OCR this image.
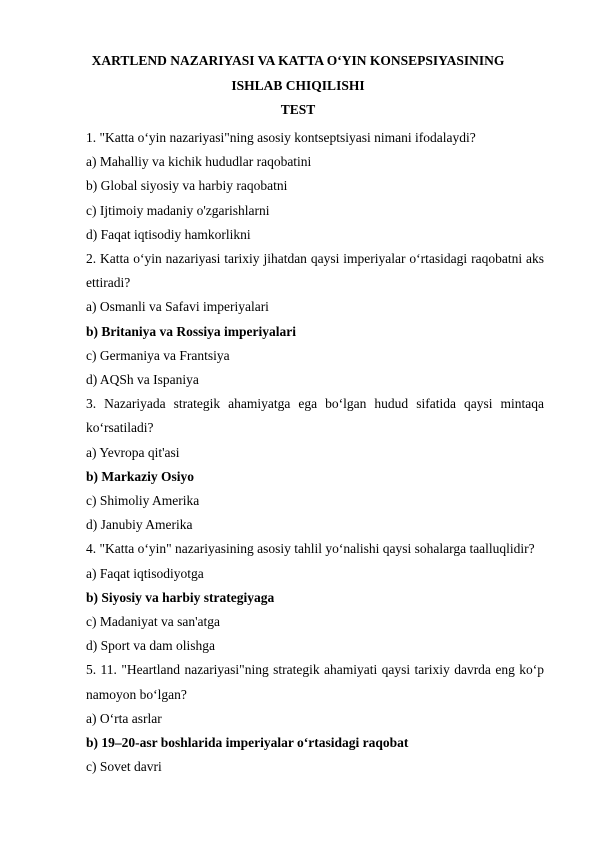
XARTLEND NAZARIYASI VA KATTA O‘YIN KONSEPSIYASINING
ISHLAB CHIQILISHI
TEST
1. "Katta o‘yin nazariyasi"ning asosiy kontseptsiyasi nimani ifodalaydi?
a) Mahalliy va kichik hududlar raqobatini
b) Global siyosiy va harbiy raqobatni
c) Ijtimoiy madaniy o'zgarishlarni
d) Faqat iqtisodiy hamkorlikni
2. Katta o‘yin nazariyasi tarixiy jihatdan qaysi imperiyalar o‘rtasidagi raqobatni aks
ettiradi?
a) Osmanli va Safavi imperiyalari
b) Britaniya va Rossiya imperiyalari
c) Germaniya va Frantsiya
d) AQSh va Ispaniya
3. Nazariyada strategik ahamiyatga ega bo‘lgan hudud sifatida qaysi mintaqa
ko‘rsatiladi?
a) Yevropa qit'asi
b) Markaziy Osiyo
c) Shimoliy Amerika
d) Janubiy Amerika
4. "Katta o‘yin" nazariyasining asosiy tahlil yo‘nalishi qaysi sohalarga taalluqlidir?
a) Faqat iqtisodiyotga
b) Siyosiy va harbiy strategiyaga
c) Madaniyat va san'atga
d) Sport va dam olishga
5. 11. "Heartland nazariyasi"ning strategik ahamiyati qaysi tarixiy davrda eng ko‘p
namoyon bo‘lgan?
a) O‘rta asrlar
b) 19–20-asr boshlarida imperiyalar o‘rtasidagi raqobat
c) Sovet davri
